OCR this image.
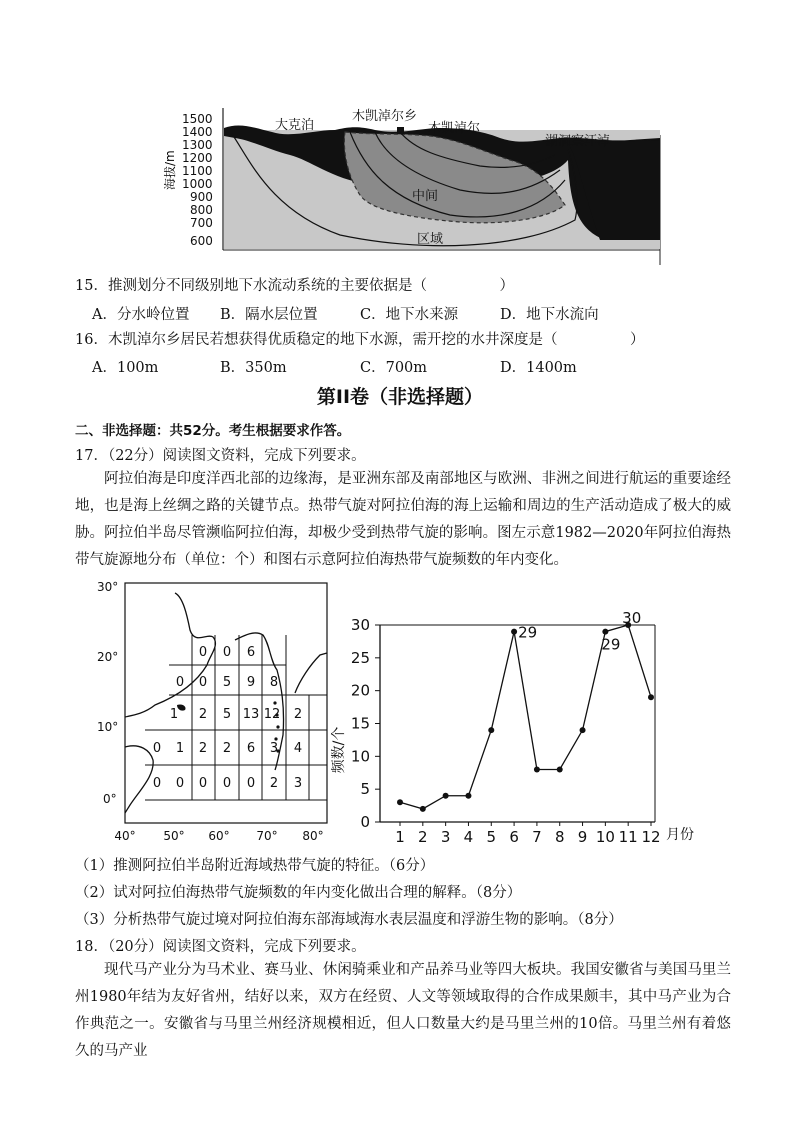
1500
1400
1300
1200
1100
1000
900
800
700
600
海拔/m
大克泊
木凯淖尔乡
木凯淖尔
湖洞察汗淖
中间
区域
15．推测划分不同级别地下水流动系统的主要依据是（　　　　　）
A．分水岭位置 B．隔水层位置	C．地下水来源	D．地下水流向
16．木凯淖尔乡居民若想获得优质稳定的地下水源，需开挖的水井深度是（　　　　　）
A．100m	B．350m	C．700m	D．1400m
第II卷（非选择题）
二、非选择题：共52分。考生根据要求作答。
17．（22分）阅读图文资料，完成下列要求。
阿拉伯海是印度洋西北部的边缘海，是亚洲东部及南部地区与欧洲、非洲之间进行航运的重要途经地，也是海上丝绸之路的关键节点。热带气旋对阿拉伯海的海上运输和周边的生产活动造成了极大的威胁。阿拉伯半岛尽管濒临阿拉伯海，却极少受到热带气旋的影响。图左示意1982—2020年阿拉伯海热带气旋源地分布（单位：个）和图右示意阿拉伯海热带气旋频数的年内变化。
0 0 6
0 0 5 9 8
1 2 5 13 12 2
0 1 2 2 6 3 4
0 0 0 0 0 2 3
30°
20°
10°
0°
40° 50° 60° 70° 80°
0
5
10
15
20
25
30
1 2 3 4 5 6 7 8 9 10 11 12
29
29
30
频数/个
月份
（1）推测阿拉伯半岛附近海域热带气旋的特征。（6分）
（2）试对阿拉伯海热带气旋频数的年内变化做出合理的解释。（8分）
（3）分析热带气旋过境对阿拉伯海东部海域海水表层温度和浮游生物的影响。（8分）
18．（20分）阅读图文资料，完成下列要求。
现代马产业分为马术业、赛马业、休闲骑乘业和产品养马业等四大板块。我国安徽省与美国马里兰州1980年结为友好省州，结好以来，双方在经贸、人文等领域取得的合作成果颇丰，其中马产业为合作典范之一。安徽省与马里兰州经济规模相近，但人口数量大约是马里兰州的10倍。马里兰州有着悠久的马产业
